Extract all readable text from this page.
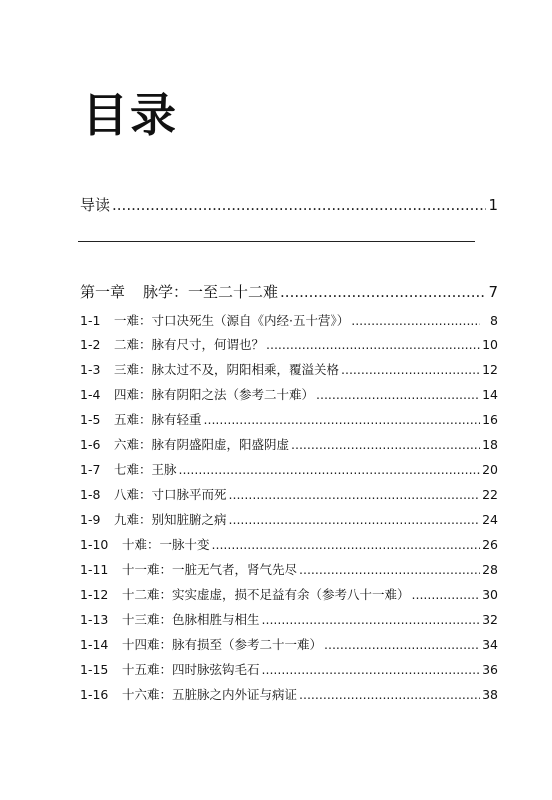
目录
导读 .....	1
第一章 脉学：一至二十二难 .....	7
1-1	一难：寸口决死生（源自《内经·五十营》） .....	8
1-2	二难：脉有尺寸，何谓也？ .....	10
1-3	三难：脉太过不及，阴阳相乘，覆溢关格 .....	12
1-4	四难：脉有阴阳之法（参考二十难） .....	14
1-5	五难：脉有轻重 .....	16
1-6	六难：脉有阴盛阳虚，阳盛阴虚 .....	18
1-7	七难：王脉 .....	20
1-8	八难：寸口脉平而死 .....	22
1-9	九难：别知脏腑之病 .....	24
1-10	十难：一脉十变 .....	26
1-11	十一难：一脏无气者，肾气先尽 .....	28
1-12	十二难：实实虚虚，损不足益有余（参考八十一难） .....	30
1-13	十三难：色脉相胜与相生 .....	32
1-14	十四难：脉有损至（参考二十一难） .....	34
1-15	十五难：四时脉弦钩毛石 .....	36
1-16	十六难：五脏脉之内外证与病证 .....	38
